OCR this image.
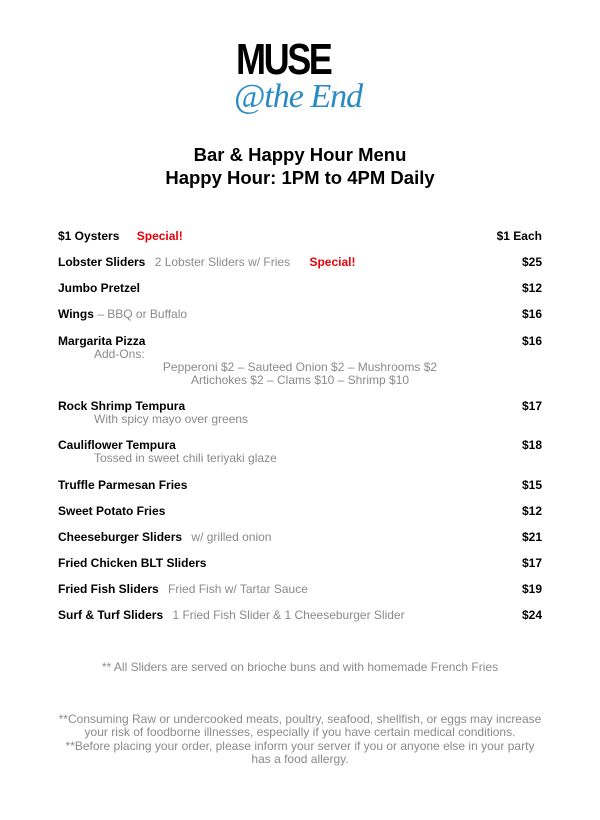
MUSE
@the End
Bar & Happy Hour Menu
Happy Hour: 1PM to 4PM Daily
$1 Oysters Special!	$1 Each
Lobster Sliders 2 Lobster Sliders w/ Fries Special!	$25
Jumbo Pretzel	$12
Wings – BBQ or Buffalo	$16
Margarita Pizza	$16
Add-Ons:
Pepperoni $2 – Sauteed Onion $2 – Mushrooms $2
Artichokes $2 – Clams $10 – Shrimp $10
Rock Shrimp Tempura	$17
With spicy mayo over greens
Cauliflower Tempura	$18
Tossed in sweet chili teriyaki glaze
Truffle Parmesan Fries	$15
Sweet Potato Fries	$12
Cheeseburger Sliders w/ grilled onion	$21
Fried Chicken BLT Sliders	$17
Fried Fish Sliders Fried Fish w/ Tartar Sauce	$19
Surf & Turf Sliders 1 Fried Fish Slider & 1 Cheeseburger Slider	$24
** All Sliders are served on brioche buns and with homemade French Fries
**Consuming Raw or undercooked meats, poultry, seafood, shellfish, or eggs may increase your risk of foodborne illnesses, especially if you have certain medical conditions.
**Before placing your order, please inform your server if you or anyone else in your party has a food allergy.
